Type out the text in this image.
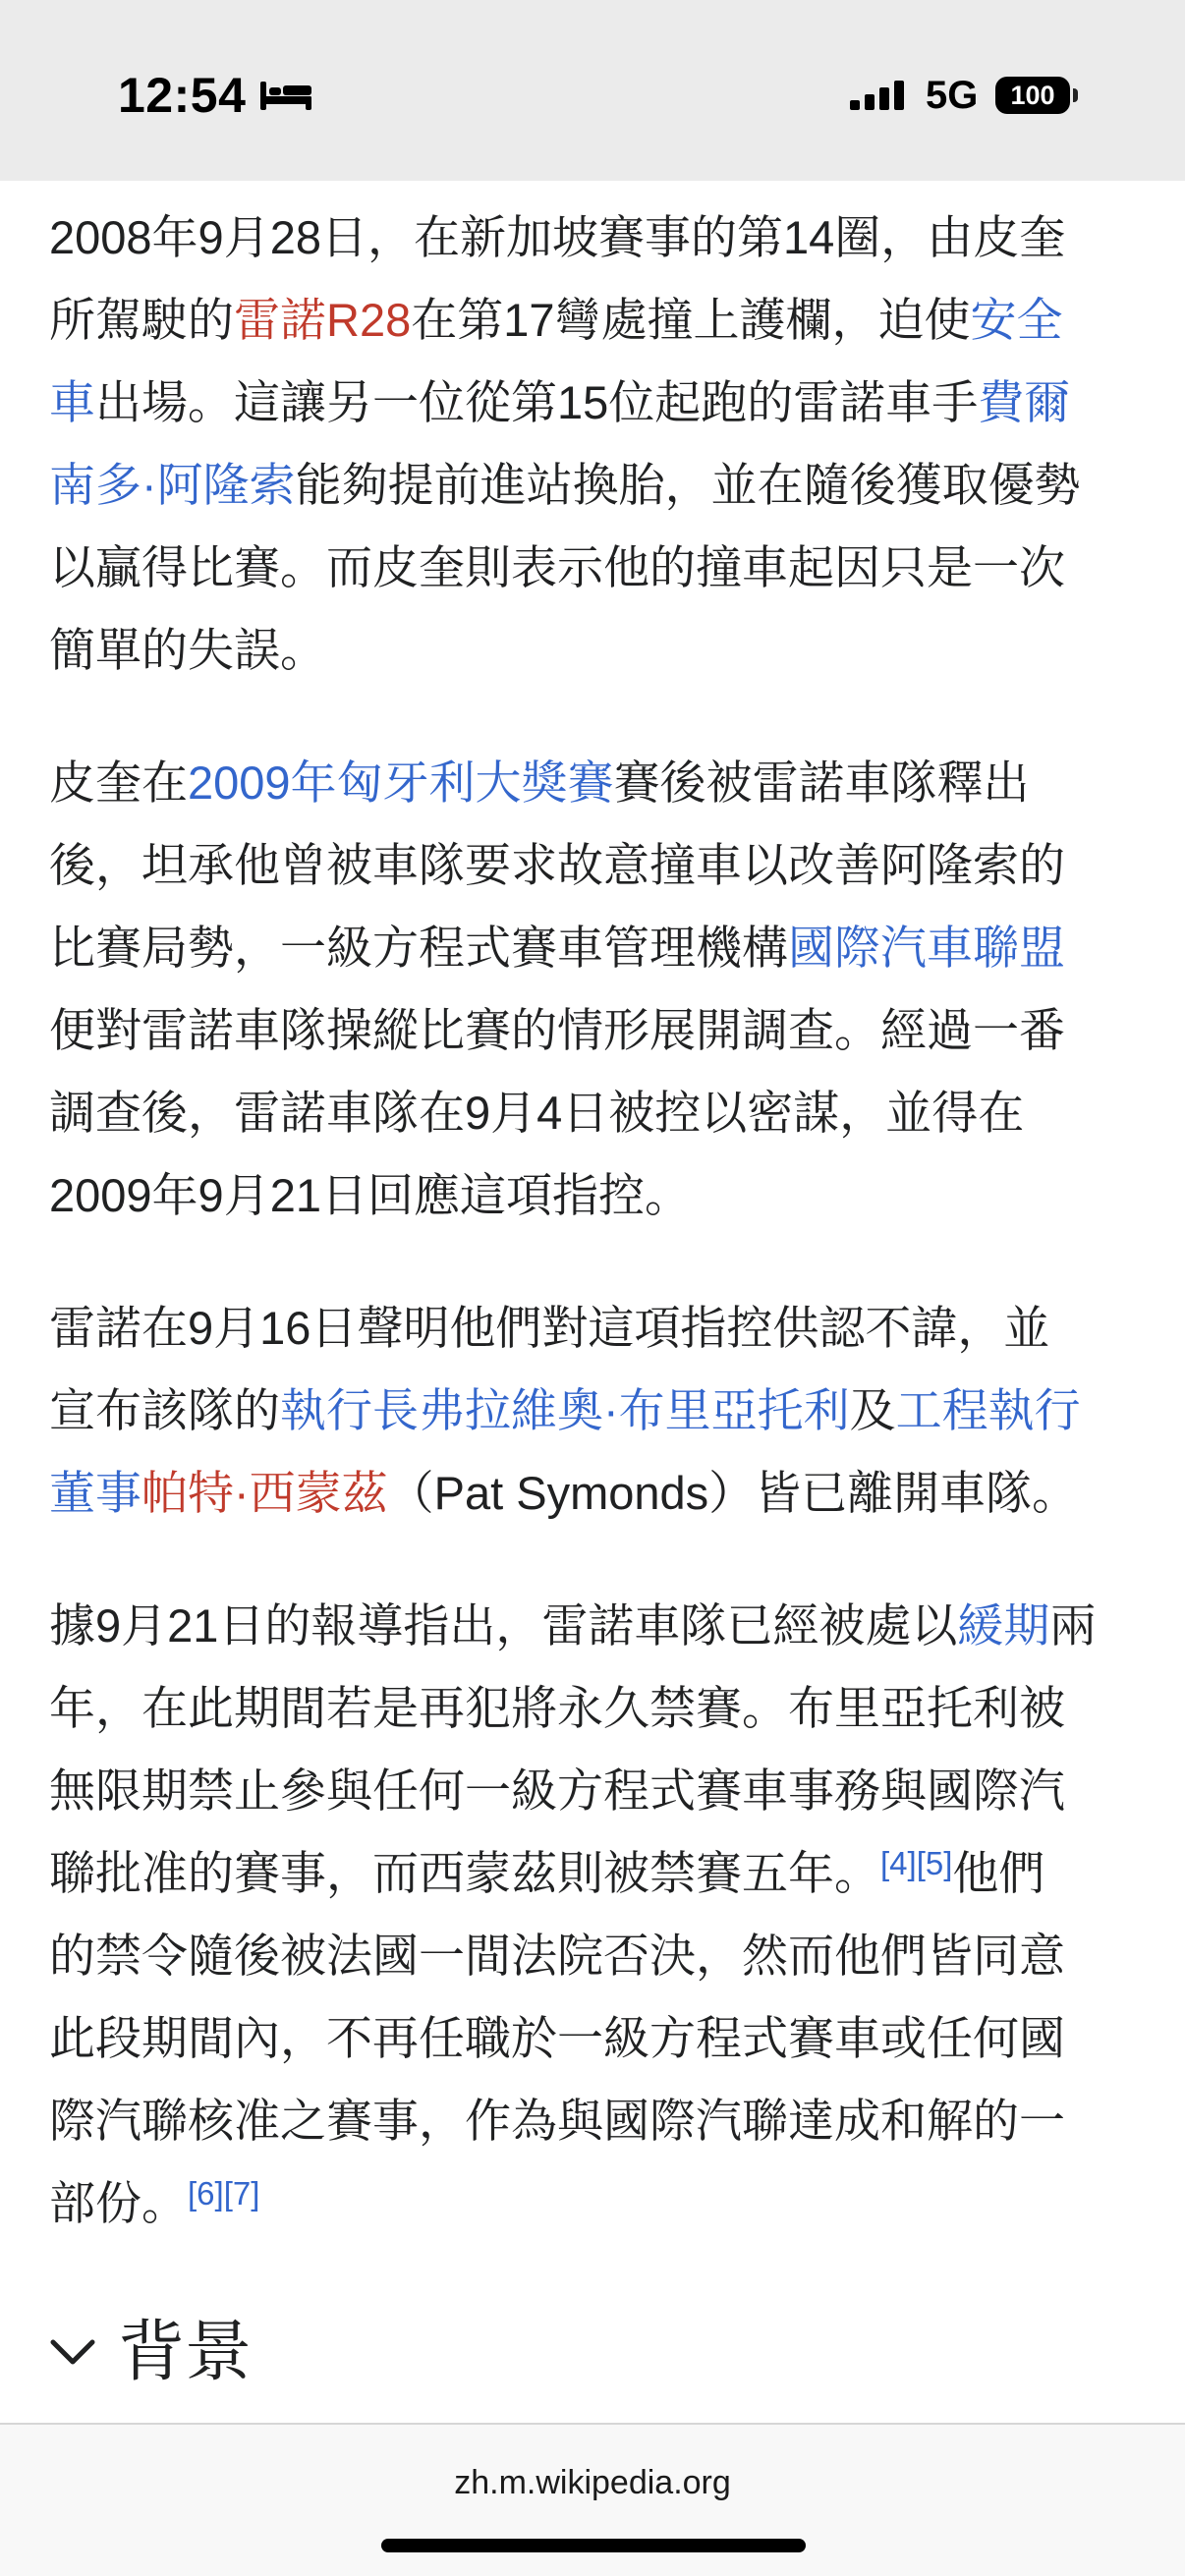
12:54	5G	100
2008年9月28日，在新加坡賽事的第14圈，由皮奎
所駕駛的雷諾R28在第17彎處撞上護欄，迫使安全
車出場。這讓另一位從第15位起跑的雷諾車手費爾
南多·阿隆索能夠提前進站換胎，並在隨後獲取優勢
以贏得比賽。而皮奎則表示他的撞車起因只是一次
簡單的失誤。
皮奎在2009年匈牙利大獎賽賽後被雷諾車隊釋出
後，坦承他曾被車隊要求故意撞車以改善阿隆索的
比賽局勢，一級方程式賽車管理機構國際汽車聯盟
便對雷諾車隊操縱比賽的情形展開調查。經過一番
調查後，雷諾車隊在9月4日被控以密謀，並得在
2009年9月21日回應這項指控。
雷諾在9月16日聲明他們對這項指控供認不諱，並
宣布該隊的執行長弗拉維奧·布里亞托利及工程執行
董事帕特·西蒙茲（Pat Symonds）皆已離開車隊。
據9月21日的報導指出，雷諾車隊已經被處以緩期兩
年，在此期間若是再犯將永久禁賽。布里亞托利被
無限期禁止參與任何一級方程式賽車事務與國際汽
聯批准的賽事，而西蒙茲則被禁賽五年。[4][5]他們
的禁令隨後被法國一間法院否決，然而他們皆同意
此段期間內，不再任職於一級方程式賽車或任何國
際汽聯核准之賽事，作為與國際汽聯達成和解的一
部份。[6][7]
背景
zh.m.wikipedia.org
